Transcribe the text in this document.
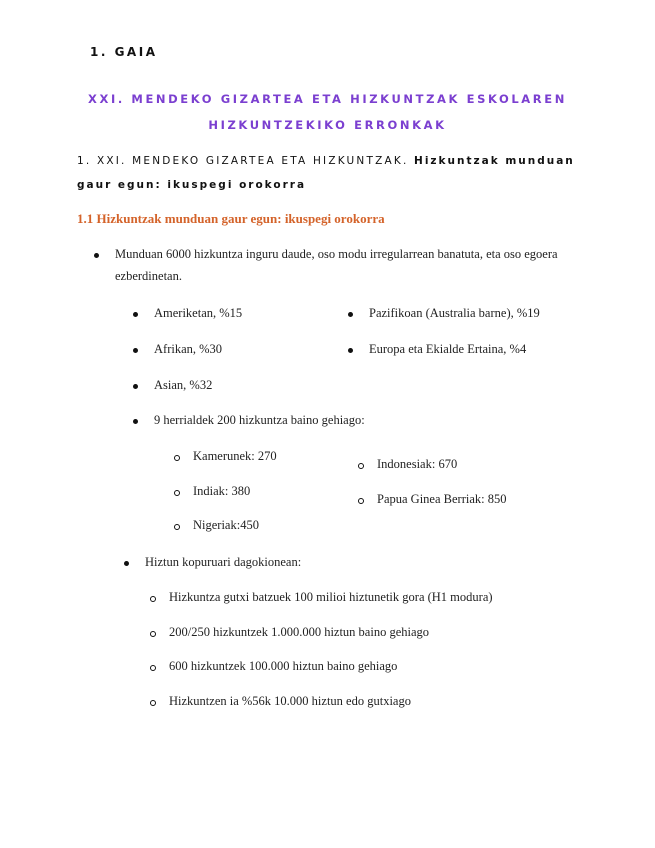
1. GAIA
XXI. MENDEKO GIZARTEA ETA HIZKUNTZAK ESKOLAREN
HIZKUNTZEKIKO ERRONKAK
1. XXI. MENDEKO GIZARTEA ETA HIZKUNTZAK. Hizkuntzak munduan
gaur egun: ikuspegi orokorra
1.1 Hizkuntzak munduan gaur egun: ikuspegi orokorra
Munduan 6000 hizkuntza inguru daude, oso modu irregularrean banatuta, eta oso egoera
ezberdinetan.
Ameriketan, %15
Afrikan, %30
Asian, %32
Pazifikoan (Australia barne), %19
Europa eta Ekialde Ertaina, %4
9 herrialdek 200 hizkuntza baino gehiago:
Kamerunek: 270
Indiak: 380
Nigeriak:450
Indonesiak: 670
Papua Ginea Berriak: 850
Hiztun kopuruari dagokionean:
Hizkuntza gutxi batzuek 100 milioi hiztunetik gora (H1 modura)
200/250 hizkuntzek 1.000.000 hiztun baino gehiago
600 hizkuntzek 100.000 hiztun baino gehiago
Hizkuntzen ia %56k 10.000 hiztun edo gutxiago
